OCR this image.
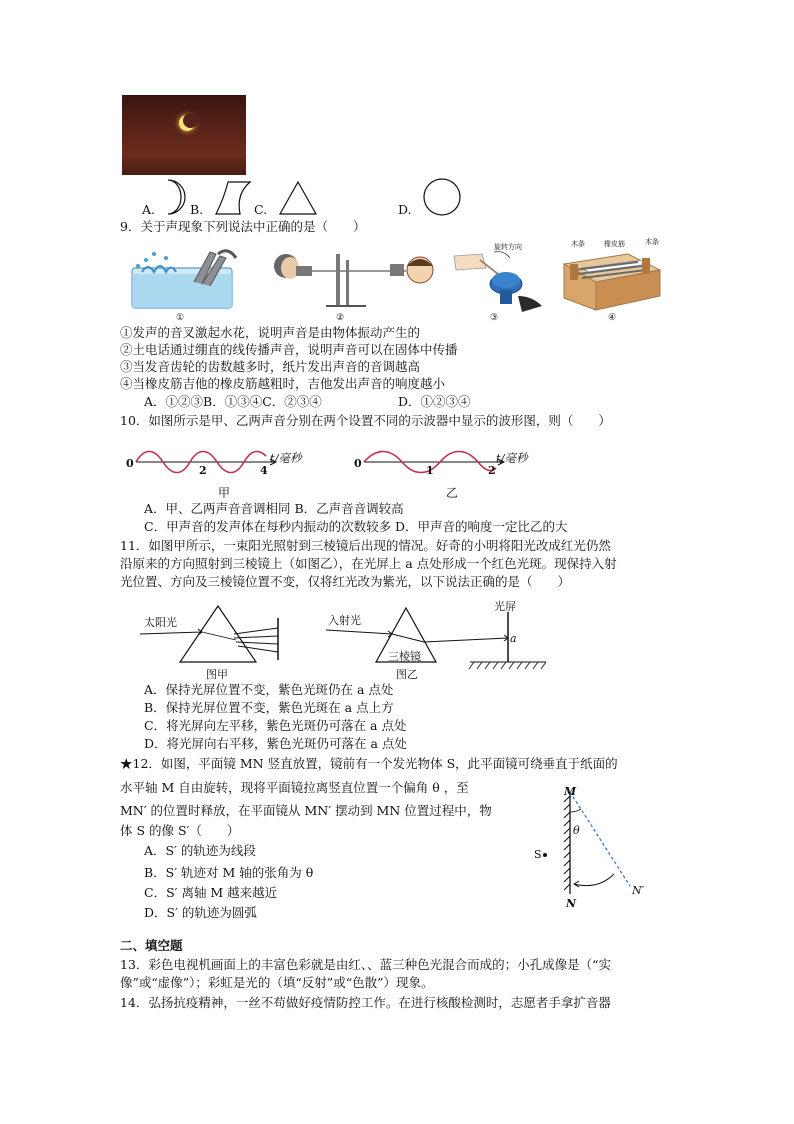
A.	B.	C.	D.
9．关于声现象下列说法中正确的是（　　）
①	②
旋转方向
③
木条	橡皮筋	木条
④
①发声的音叉激起水花，说明声音是由物体振动产生的
②土电话通过绷直的线传播声音，说明声音可以在固体中传播
③当发音齿轮的齿数越多时，纸片发出声音的音调越高
④当橡皮筋吉他的橡皮筋越粗时，吉他发出声音的响度越小
A．①②③B．①③④C．②③④	D．①②③④
10．如图所示是甲、乙两声音分别在两个设置不同的示波器中显示的波形图，则（　　）
t/毫秒
0
2	4
甲
t/毫秒
0
1	2
乙
A．甲、乙两声音音调相同 B．乙声音音调较高
C．甲声音的发声体在每秒内振动的次数较多 D．甲声音的响度一定比乙的大
11．如图甲所示，一束阳光照射到三棱镜后出现的情况。好奇的小明将阳光改成红光仍然
沿原来的方向照射到三棱镜上（如图乙），在光屏上 a 点处形成一个红色光斑。现保持入射
光位置、方向及三棱镜位置不变，仅将红光改为紫光，以下说法正确的是（　　）
太阳光
图甲
入射光
光屏
a
三棱镜
图乙
A．保持光屏位置不变，紫色光斑仍在 a 点处
B．保持光屏位置不变，紫色光斑在 a 点上方
C．将光屏向左平移，紫色光斑仍可落在 a 点处
D．将光屏向右平移，紫色光斑仍可落在 a 点处
★12．如图，平面镜 MN 竖直放置，镜前有一个发光物体 S，此平面镜可绕垂直于纸面的
水平轴 M 自由旋转，现将平面镜拉离竖直位置一个偏角 θ ，至
MN′ 的位置时释放，在平面镜从 MN′ 摆动到 MN 位置过程中，物
体 S 的像 S′（　　）
A．S′ 的轨迹为线段
B．S′ 轨迹对 M 轴的张角为 θ
C．S′ 离轴 M 越来越近
D．S′ 的轨迹为圆弧
M
θ
S
N′
N
二、填空题
13．彩色电视机画面上的丰富色彩就是由红、、蓝三种色光混合而成的；小孔成像是（“实
像”或“虚像”）；彩虹是光的（填“反射”或“色散”）现象。
14．弘扬抗疫精神，一丝不苟做好疫情防控工作。在进行核酸检测时，志愿者手拿扩音器
